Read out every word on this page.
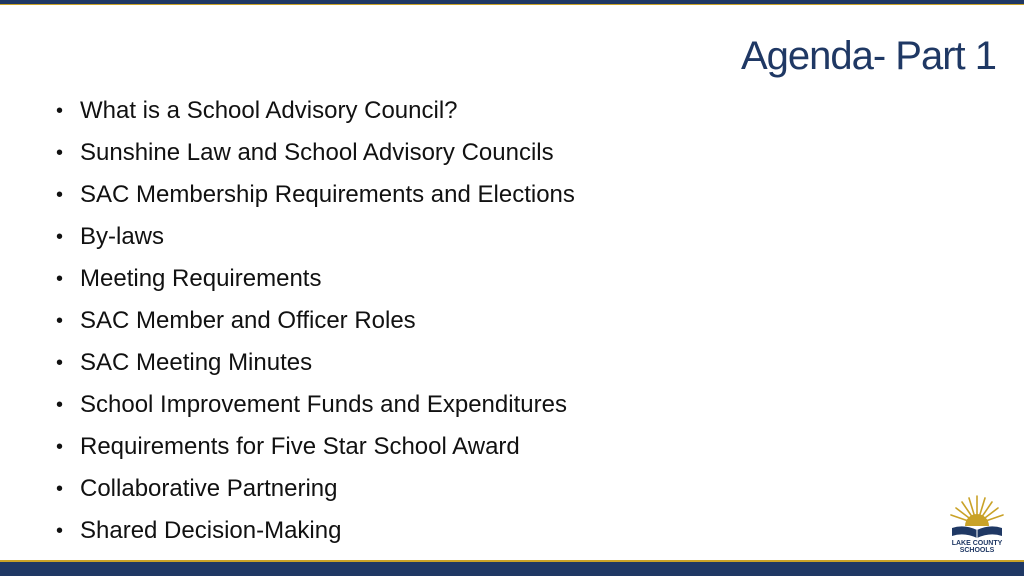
Agenda- Part 1
• What is a School Advisory Council?
• Sunshine Law and School Advisory Councils
• SAC Membership Requirements and Elections
• By-laws
• Meeting Requirements
• SAC Member and Officer Roles
• SAC Meeting Minutes
• School Improvement Funds and Expenditures
• Requirements for Five Star School Award
• Collaborative Partnering
• Shared Decision-Making	LAKE COUNTY SCHOOLS
